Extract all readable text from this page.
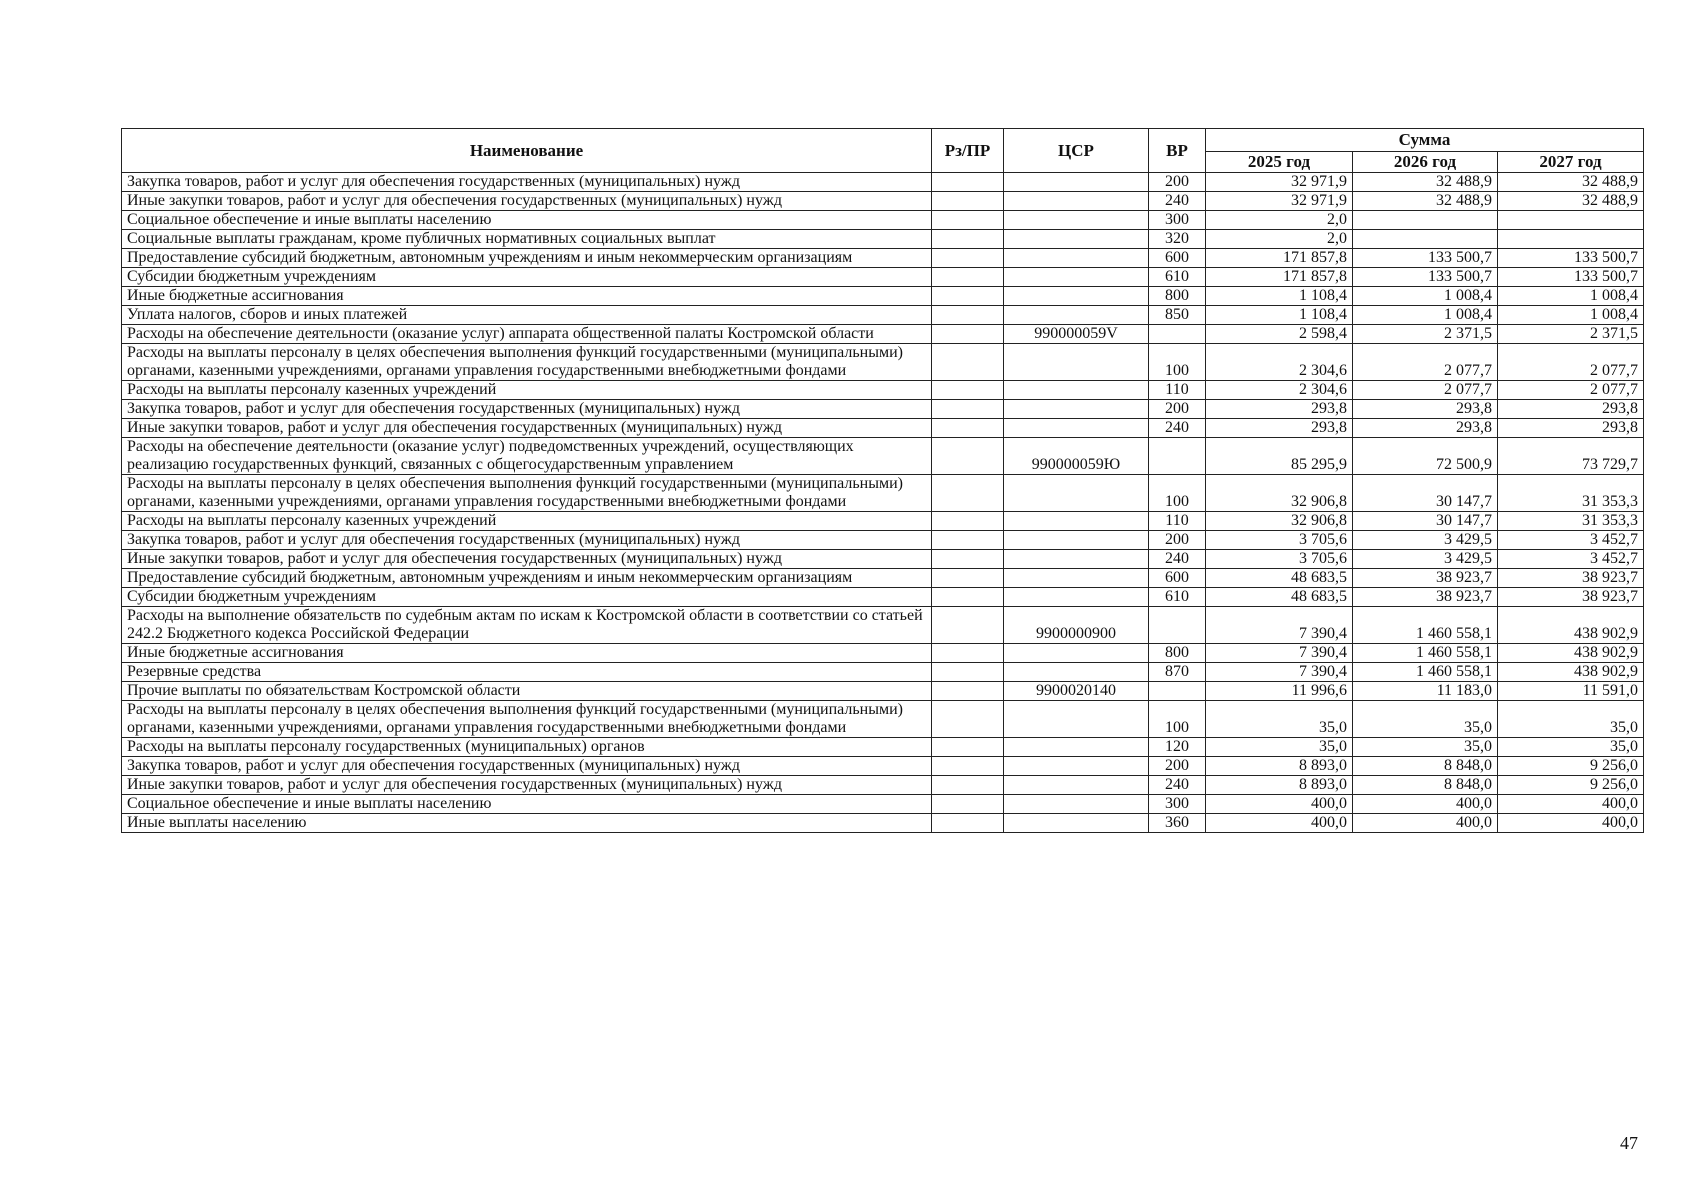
Наименование	Рз/ПР	ЦСР	ВР	Сумма		
				2025 год	2026 год	2027 год
Закупка товаров, работ и услуг для обеспечения государственных (муниципальных) нужд			200	32 971,9	32 488,9	32 488,9
Иные закупки товаров, работ и услуг для обеспечения государственных (муниципальных) нужд			240	32 971,9	32 488,9	32 488,9
Социальное обеспечение и иные выплаты населению			300	2,0		
Социальные выплаты гражданам, кроме публичных нормативных социальных выплат			320	2,0		
Предоставление субсидий бюджетным, автономным учреждениям и иным некоммерческим организациям			600	171 857,8	133 500,7	133 500,7
Субсидии бюджетным учреждениям			610	171 857,8	133 500,7	133 500,7
Иные бюджетные ассигнования			800	1 108,4	1 008,4	1 008,4
Уплата налогов, сборов и иных платежей			850	1 108,4	1 008,4	1 008,4
Расходы на обеспечение деятельности (оказание услуг) аппарата общественной палаты Костромской области		990000059V		2 598,4	2 371,5	2 371,5
Расходы на выплаты персоналу в целях обеспечения выполнения функций государственными (муниципальными) органами, казенными учреждениями, органами управления государственными внебюджетными фондами			100	2 304,6	2 077,7	2 077,7
Расходы на выплаты персоналу казенных учреждений			110	2 304,6	2 077,7	2 077,7
Закупка товаров, работ и услуг для обеспечения государственных (муниципальных) нужд			200	293,8	293,8	293,8
Иные закупки товаров, работ и услуг для обеспечения государственных (муниципальных) нужд			240	293,8	293,8	293,8
Расходы на обеспечение деятельности (оказание услуг) подведомственных учреждений, осуществляющих реализацию государственных функций, связанных с общегосударственным управлением		990000059Ю		85 295,9	72 500,9	73 729,7
Расходы на выплаты персоналу в целях обеспечения выполнения функций государственными (муниципальными) органами, казенными учреждениями, органами управления государственными внебюджетными фондами			100	32 906,8	30 147,7	31 353,3
Расходы на выплаты персоналу казенных учреждений			110	32 906,8	30 147,7	31 353,3
Закупка товаров, работ и услуг для обеспечения государственных (муниципальных) нужд			200	3 705,6	3 429,5	3 452,7
Иные закупки товаров, работ и услуг для обеспечения государственных (муниципальных) нужд			240	3 705,6	3 429,5	3 452,7
Предоставление субсидий бюджетным, автономным учреждениям и иным некоммерческим организациям			600	48 683,5	38 923,7	38 923,7
Субсидии бюджетным учреждениям			610	48 683,5	38 923,7	38 923,7
Расходы на выполнение обязательств по судебным актам по искам к Костромской области в соответствии со статьей 242.2 Бюджетного кодекса Российской Федерации		9900000900		7 390,4	1 460 558,1	438 902,9
Иные бюджетные ассигнования			800	7 390,4	1 460 558,1	438 902,9
Резервные средства			870	7 390,4	1 460 558,1	438 902,9
Прочие выплаты по обязательствам Костромской области		9900020140		11 996,6	11 183,0	11 591,0
Расходы на выплаты персоналу в целях обеспечения выполнения функций государственными (муниципальными) органами, казенными учреждениями, органами управления государственными внебюджетными фондами			100	35,0	35,0	35,0
Расходы на выплаты персоналу государственных (муниципальных) органов			120	35,0	35,0	35,0
Закупка товаров, работ и услуг для обеспечения государственных (муниципальных) нужд			200	8 893,0	8 848,0	9 256,0
Иные закупки товаров, работ и услуг для обеспечения государственных (муниципальных) нужд			240	8 893,0	8 848,0	9 256,0
Социальное обеспечение и иные выплаты населению			300	400,0	400,0	400,0
Иные выплаты населению			360	400,0	400,0	400,0
47
